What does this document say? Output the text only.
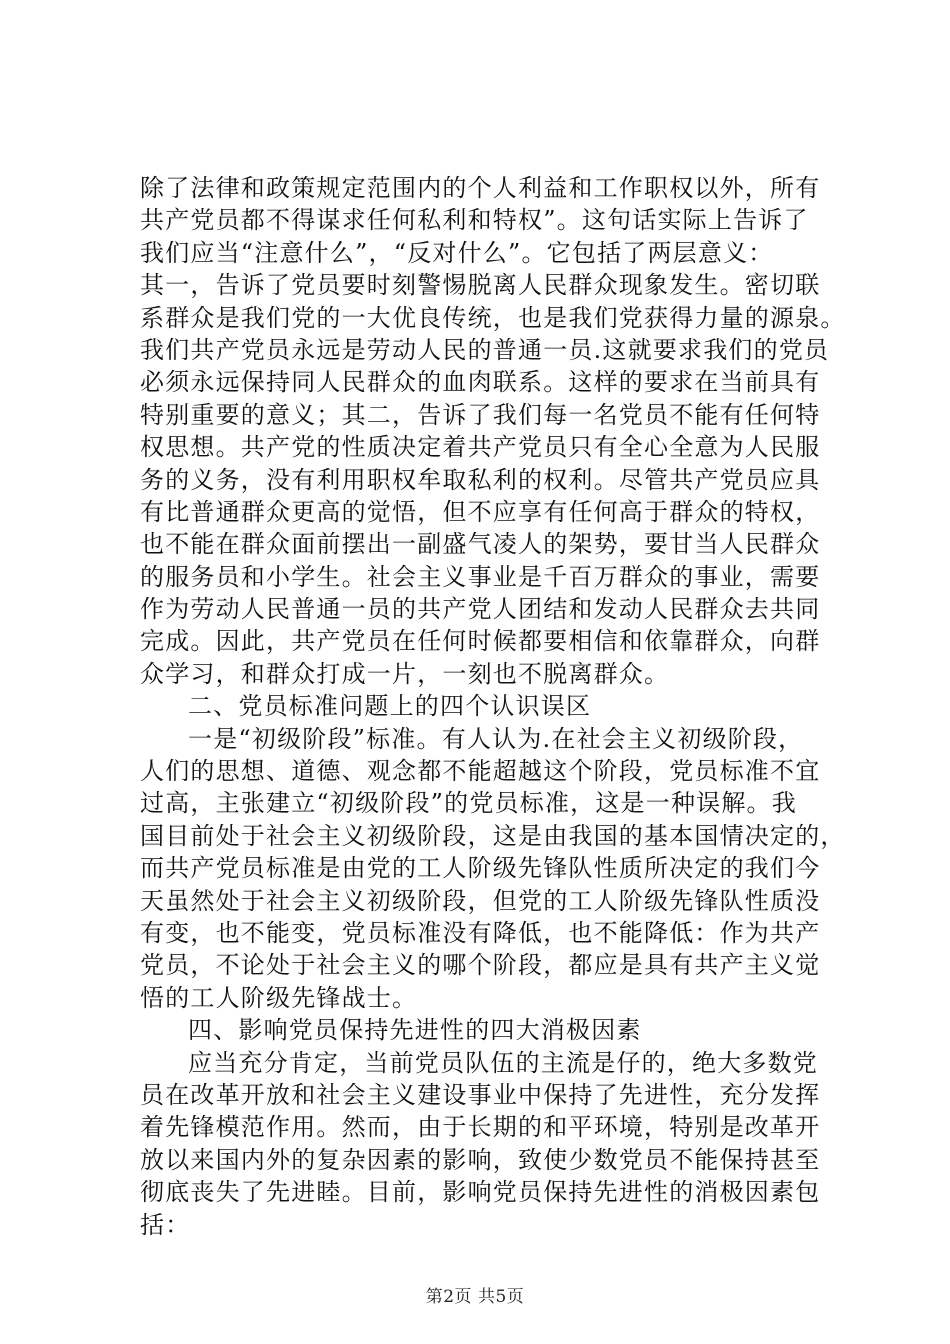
除了法律和政策规定范围内的个人利益和工作职权以外，所有
共产党员都不得谋求任何私利和特权”。这句话实际上告诉了
我们应当“注意什么”，“反对什么”。它包括了两层意义：
其一，告诉了党员要时刻警惕脱离人民群众现象发生。密切联
系群众是我们党的一大优良传统，也是我们党获得力量的源泉。
我们共产党员永远是劳动人民的普通一员.这就要求我们的党员
必须永远保持同人民群众的血肉联系。这样的要求在当前具有
特别重要的意义；其二，告诉了我们每一名党员不能有任何特
权思想。共产党的性质决定着共产党员只有全心全意为人民服
务的义务，没有利用职权牟取私利的权利。尽管共产党员应具
有比普通群众更高的觉悟，但不应享有任何高于群众的特权，
也不能在群众面前摆出一副盛气凌人的架势，要甘当人民群众
的服务员和小学生。社会主义事业是千百万群众的事业，需要
作为劳动人民普通一员的共产党人团结和发动人民群众去共同
完成。因此，共产党员在任何时候都要相信和依靠群众，向群
众学习，和群众打成一片，一刻也不脱离群众。
二、党员标准问题上的四个认识误区
一是“初级阶段”标准。有人认为.在社会主义初级阶段，
人们的思想、道德、观念都不能超越这个阶段，党员标准不宜
过高，主张建立“初级阶段”的党员标准，这是一种误解。我
国目前处于社会主义初级阶段，这是由我国的基本国情决定的，
而共产党员标准是由党的工人阶级先锋队性质所决定的我们今
天虽然处于社会主义初级阶段，但党的工人阶级先锋队性质没
有变，也不能变，党员标准没有降低，也不能降低：作为共产
党员，不论处于社会主义的哪个阶段，都应是具有共产主义觉
悟的工人阶级先锋战士。
四、影响党员保持先进性的四大消极因素
应当充分肯定，当前党员队伍的主流是仔的，绝大多数党
员在改革开放和社会主义建设事业中保持了先进性，充分发挥
着先锋模范作用。然而，由于长期的和平环境，特别是改革开
放以来国内外的复杂因素的影响，致使少数党员不能保持甚至
彻底丧失了先进睦。目前，影响党员保持先进性的消极因素包
括：
第2页 共5页
